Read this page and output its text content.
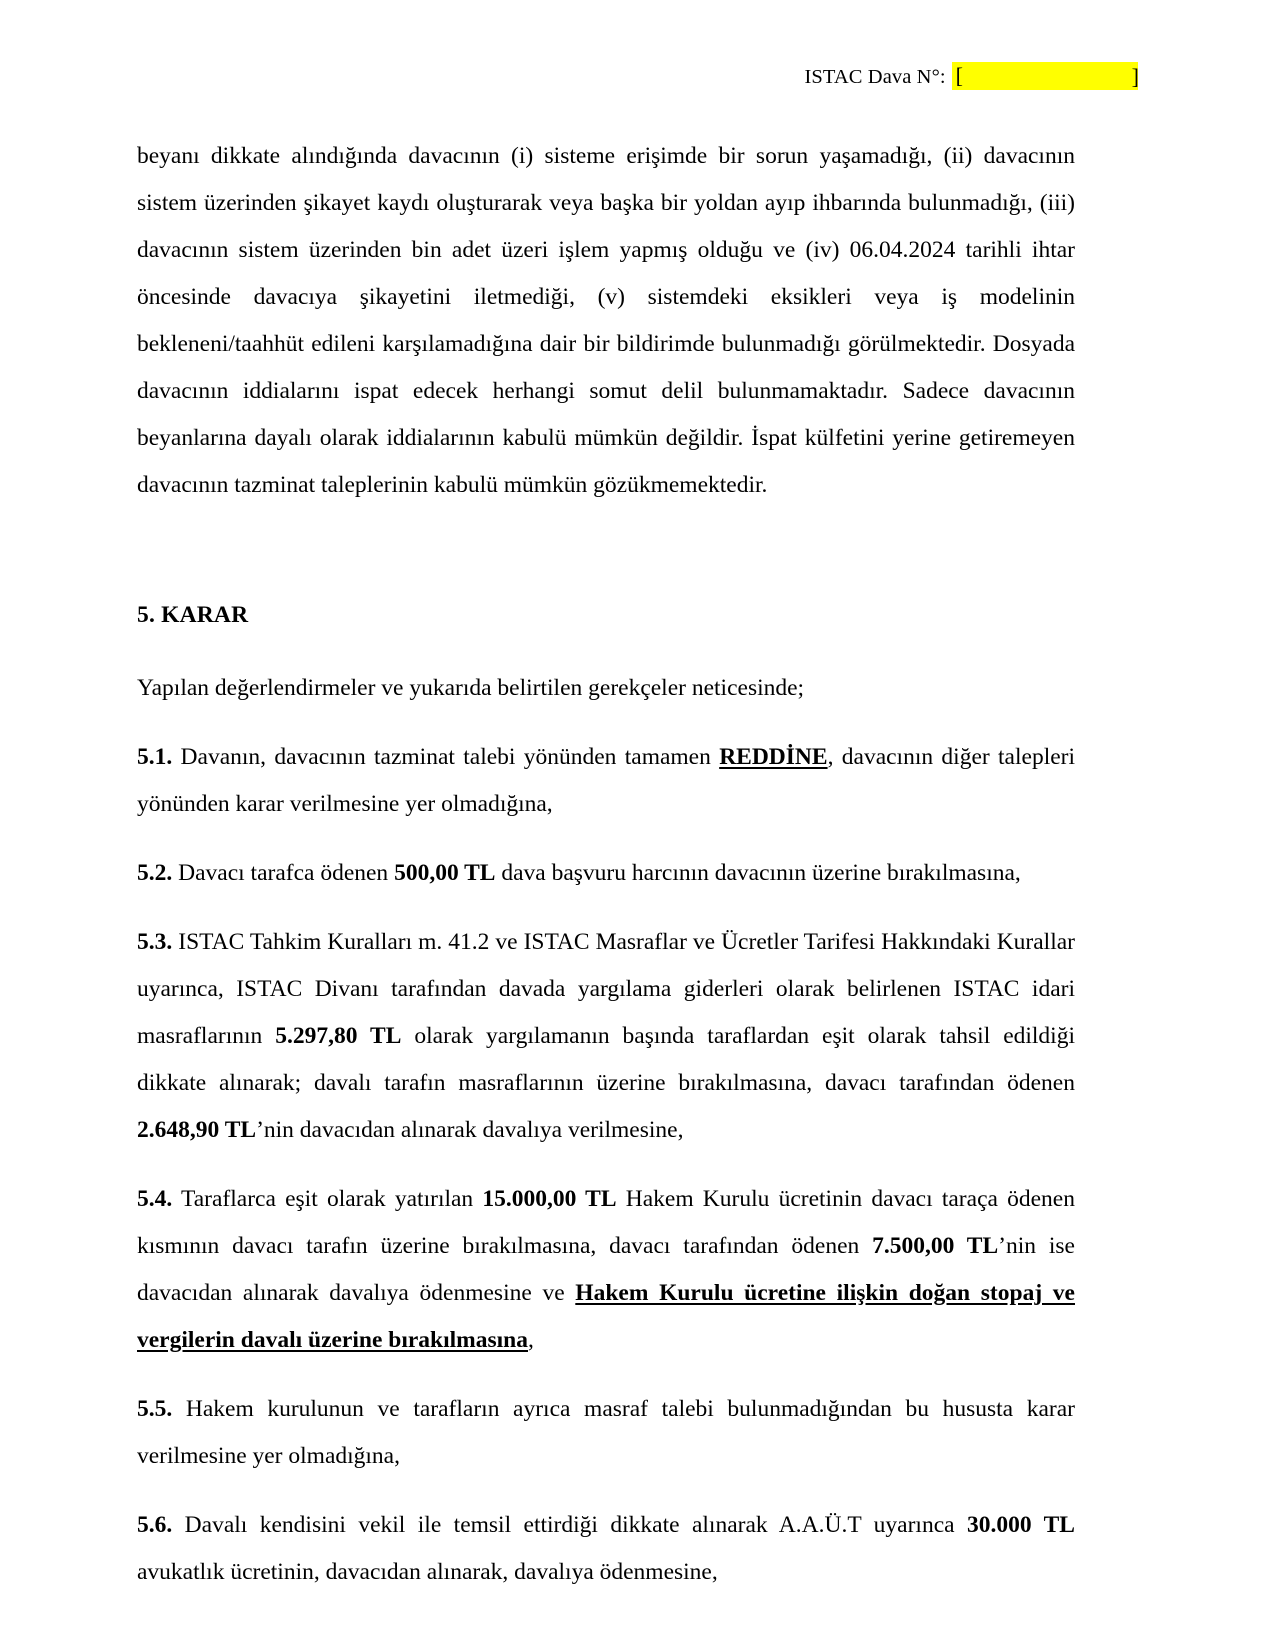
ISTAC Dava N°: [	]

beyanı dikkate alındığında davacının (i) sisteme erişimde bir sorun yaşamadığı, (ii) davacının sistem üzerinden şikayet kaydı oluşturarak veya başka bir yoldan ayıp ihbarında bulunmadığı, (iii) davacının sistem üzerinden bin adet üzeri işlem yapmış olduğu ve (iv) 06.04.2024 tarihli ihtar öncesinde davacıya şikayetini iletmediği, (v) sistemdeki eksikleri veya iş modelinin bekleneni/taahhüt edileni karşılamadığına dair bir bildirimde bulunmadığı görülmektedir. Dosyada davacının iddialarını ispat edecek herhangi somut delil bulunmamaktadır. Sadece davacının beyanlarına dayalı olarak iddialarının kabulü mümkün değildir. İspat külfetini yerine getiremeyen davacının tazminat taleplerinin kabulü mümkün gözükmemektedir.

5. KARAR

Yapılan değerlendirmeler ve yukarıda belirtilen gerekçeler neticesinde;

5.1. Davanın, davacının tazminat talebi yönünden tamamen REDDİNE, davacının diğer talepleri yönünden karar verilmesine yer olmadığına,

5.2. Davacı tarafca ödenen 500,00 TL dava başvuru harcının davacının üzerine bırakılmasına,

5.3. ISTAC Tahkim Kuralları m. 41.2 ve ISTAC Masraflar ve Ücretler Tarifesi Hakkındaki Kurallar uyarınca, ISTAC Divanı tarafından davada yargılama giderleri olarak belirlenen ISTAC idari masraflarının 5.297,80 TL olarak yargılamanın başında taraflardan eşit olarak tahsil edildiği dikkate alınarak; davalı tarafın masraflarının üzerine bırakılmasına, davacı tarafından ödenen 2.648,90 TL’nin davacıdan alınarak davalıya verilmesine,

5.4. Taraflarca eşit olarak yatırılan 15.000,00 TL Hakem Kurulu ücretinin davacı taraça ödenen kısmının davacı tarafın üzerine bırakılmasına, davacı tarafından ödenen 7.500,00 TL’nin ise davacıdan alınarak davalıya ödenmesine ve Hakem Kurulu ücretine ilişkin doğan stopaj ve vergilerin davalı üzerine bırakılmasına,

5.5. Hakem kurulunun ve tarafların ayrıca masraf talebi bulunmadığından bu hususta karar verilmesine yer olmadığına,

5.6. Davalı kendisini vekil ile temsil ettirdiği dikkate alınarak A.A.Ü.T uyarınca 30.000 TL avukatlık ücretinin, davacıdan alınarak, davalıya ödenmesine,
